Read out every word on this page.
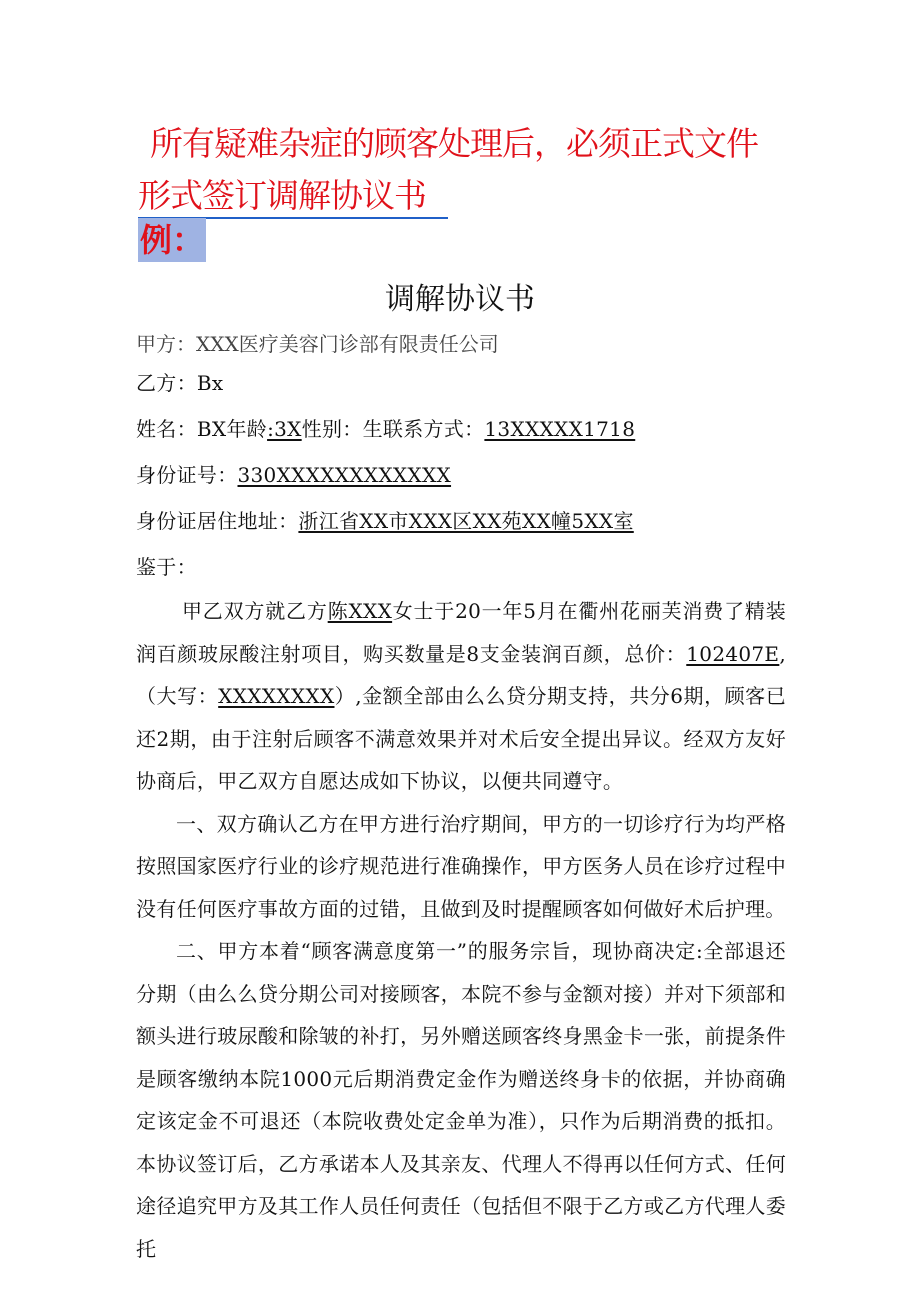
所有疑难杂症的顾客处理后，必须正式文件
形式签订调解协议书
例：
调解协议书
甲方：XXX医疗美容门诊部有限责任公司
乙方：Bx
姓名：BX年龄:3X性别：生联系方式：13XXXXX1718
身份证号：330XXXXXXXXXXXX
身份证居住地址：浙江省XX市XXX区XX苑XX幢5XX室
鉴于：

甲乙双方就乙方陈XXX女士于20一年5月在衢州花丽芙消费了精装润百颜玻尿酸注射项目，购买数量是8支金装润百颜，总价：102407E,（大写：XXXXXXXX）,金额全部由么么贷分期支持，共分6期，顾客已还2期，由于注射后顾客不满意效果并对术后安全提出异议。经双方友好协商后，甲乙双方自愿达成如下协议，以便共同遵守。

一、双方确认乙方在甲方进行治疗期间，甲方的一切诊疗行为均严格按照国家医疗行业的诊疗规范进行准确操作，甲方医务人员在诊疗过程中没有任何医疗事故方面的过错，且做到及时提醒顾客如何做好术后护理。

二、甲方本着“顾客满意度第一”的服务宗旨，现协商决定:全部退还分期（由么么贷分期公司对接顾客，本院不参与金额对接）并对下须部和额头进行玻尿酸和除皱的补打，另外赠送顾客终身黑金卡一张，前提条件是顾客缴纳本院1000元后期消费定金作为赠送终身卡的依据，并协商确定该定金不可退还（本院收费处定金单为准），只作为后期消费的抵扣。本协议签订后，乙方承诺本人及其亲友、代理人不得再以任何方式、任何途径追究甲方及其工作人员任何责任（包括但不限于乙方或乙方代理人委托
